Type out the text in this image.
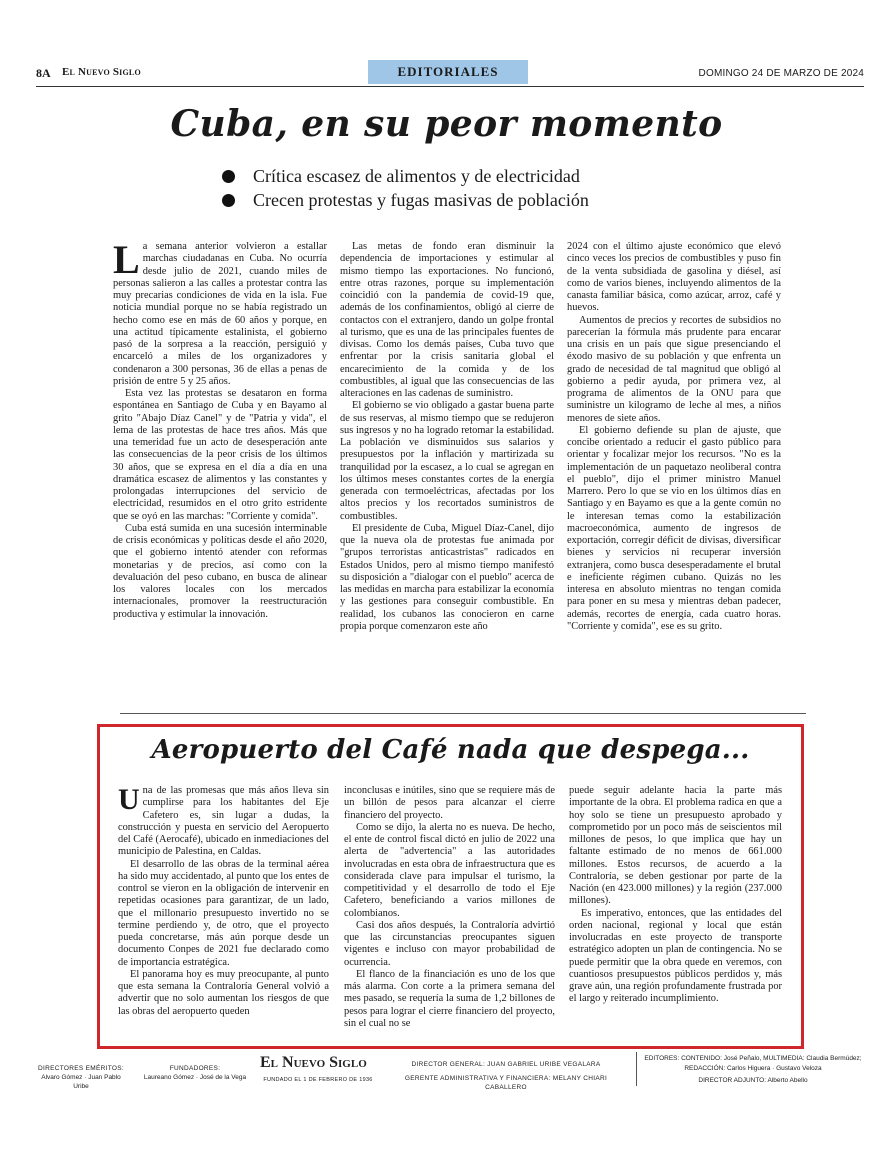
8A El Nuevo Siglo	EDITORIALES	DOMINGO 24 DE MARZO DE 2024
Cuba, en su peor momento
Crítica escasez de alimentos y de electricidad
Crecen protestas y fugas masivas de población

La semana anterior volvieron a estallar marchas ciudadanas en Cuba. No ocurría desde julio de 2021, cuando miles de personas salieron a las calles a protestar contra las muy precarias condiciones de vida en la isla. Fue noticia mundial porque no se había registrado un hecho como ese en más de 60 años y porque, en una actitud típicamente estalinista, el gobierno pasó de la sorpresa a la reacción, persiguió y encarceló a miles de los organizadores y condenaron a 300 personas, 36 de ellas a penas de prisión de entre 5 y 25 años.

Esta vez las protestas se desataron en forma espontánea en Santiago de Cuba y en Bayamo al grito "Abajo Díaz Canel" y de "Patria y vida", el lema de las protestas de hace tres años. Más que una temeridad fue un acto de desesperación ante las consecuencias de la peor crisis de los últimos 30 años, que se expresa en el día a día en una dramática escasez de alimentos y las constantes y prolongadas interrupciones del servicio de electricidad, resumidos en el otro grito estridente que se oyó en las marchas: "Corriente y comida".

Cuba está sumida en una sucesión interminable de crisis económicas y políticas desde el año 2020, que el gobierno intentó atender con reformas monetarias y de precios, así como con la devaluación del peso cubano, en busca de alinear los valores locales con los mercados internacionales, promover la reestructuración productiva y estimular la innovación.

Las metas de fondo eran disminuir la dependencia de importaciones y estimular al mismo tiempo las exportaciones. No funcionó, entre otras razones, porque su implementación coincidió con la pandemia de covid-19 que, además de los confinamientos, obligó al cierre de contactos con el extranjero, dando un golpe frontal al turismo, que es una de las principales fuentes de divisas. Como los demás países, Cuba tuvo que enfrentar por la crisis sanitaria global el encarecimiento de la comida y de los combustibles, al igual que las consecuencias de las alteraciones en las cadenas de suministro.

El gobierno se vio obligado a gastar buena parte de sus reservas, al mismo tiempo que se redujeron sus ingresos y no ha logrado retomar la estabilidad. La población ve disminuidos sus salarios y presupuestos por la inflación y martirizada su tranquilidad por la escasez, a lo cual se agregan en los últimos meses constantes cortes de la energía generada con termoeléctricas, afectadas por los altos precios y los recortados suministros de combustibles.

El presidente de Cuba, Miguel Díaz-Canel, dijo que la nueva ola de protestas fue animada por "grupos terroristas anticastristas" radicados en Estados Unidos, pero al mismo tiempo manifestó su disposición a "dialogar con el pueblo" acerca de las medidas en marcha para estabilizar la economía y las gestiones para conseguir combustible. En realidad, los cubanos las conocieron en carne propia porque comenzaron este año

2024 con el último ajuste económico que elevó cinco veces los precios de combustibles y puso fin de la venta subsidiada de gasolina y diésel, así como de varios bienes, incluyendo alimentos de la canasta familiar básica, como azúcar, arroz, café y huevos.

Aumentos de precios y recortes de subsidios no parecerían la fórmula más prudente para encarar una crisis en un país que sigue presenciando el éxodo masivo de su población y que enfrenta un grado de necesidad de tal magnitud que obligó al gobierno a pedir ayuda, por primera vez, al programa de alimentos de la ONU para que suministre un kilogramo de leche al mes, a niños menores de siete años.

El gobierno defiende su plan de ajuste, que concibe orientado a reducir el gasto público para orientar y focalizar mejor los recursos. "No es la implementación de un paquetazo neoliberal contra el pueblo", dijo el primer ministro Manuel Marrero. Pero lo que se vio en los últimos días en Santiago y en Bayamo es que a la gente común no le interesan temas como la estabilización macroeconómica, aumento de ingresos de exportación, corregir déficit de divisas, diversificar bienes y servicios ni recuperar inversión extranjera, como busca desesperadamente el brutal e ineficiente régimen cubano. Quizás no les interesa en absoluto mientras no tengan comida para poner en su mesa y mientras deban padecer, además, recortes de energía, cada cuatro horas. "Corriente y comida", ese es su grito.

Aeropuerto del Café nada que despega...

Una de las promesas que más años lleva sin cumplirse para los habitantes del Eje Cafetero es, sin lugar a dudas, la construcción y puesta en servicio del Aeropuerto del Café (Aerocafé), ubicado en inmediaciones del municipio de Palestina, en Caldas.

El desarrollo de las obras de la terminal aérea ha sido muy accidentado, al punto que los entes de control se vieron en la obligación de intervenir en repetidas ocasiones para garantizar, de un lado, que el millonario presupuesto invertido no se termine perdiendo y, de otro, que el proyecto pueda concretarse, más aún porque desde un documento Conpes de 2021 fue declarado como de importancia estratégica.

El panorama hoy es muy preocupante, al punto que esta semana la Contraloría General volvió a advertir que no solo aumentan los riesgos de que las obras del aeropuerto queden

inconclusas e inútiles, sino que se requiere más de un billón de pesos para alcanzar el cierre financiero del proyecto.

Como se dijo, la alerta no es nueva. De hecho, el ente de control fiscal dictó en julio de 2022 una alerta de "advertencia" a las autoridades involucradas en esta obra de infraestructura que es considerada clave para impulsar el turismo, la competitividad y el desarrollo de todo el Eje Cafetero, beneficiando a varios millones de colombianos.

Casi dos años después, la Contraloría advirtió que las circunstancias preocupantes siguen vigentes e incluso con mayor probabilidad de ocurrencia.

El flanco de la financiación es uno de los que más alarma. Con corte a la primera semana del mes pasado, se requería la suma de 1,2 billones de pesos para lograr el cierre financiero del proyecto, sin el cual no se

puede seguir adelante hacia la parte más importante de la obra. El problema radica en que a hoy solo se tiene un presupuesto aprobado y comprometido por un poco más de seiscientos mil millones de pesos, lo que implica que hay un faltante estimado de no menos de 661.000 millones. Estos recursos, de acuerdo a la Contraloría, se deben gestionar por parte de la Nación (en 423.000 millones) y la región (237.000 millones).

Es imperativo, entonces, que las entidades del orden nacional, regional y local que están involucradas en este proyecto de transporte estratégico adopten un plan de contingencia. No se puede permitir que la obra quede en veremos, con cuantiosos presupuestos públicos perdidos y, más grave aún, una región profundamente frustrada por el largo y reiterado incumplimiento.

DIRECTORES EMÉRITOS:
Alvaro Gómez · Juan Pablo Uribe
FUNDADORES:
Laureano Gómez · José de la Vega
El Nuevo Siglo
FUNDADO EL 1 DE FEBRERO DE 1936
DIRECTOR GENERAL: JUAN GABRIEL URIBE VEGALARA
GERENTE ADMINISTRATIVA Y FINANCIERA: MELANY CHIARI CABALLERO
EDITORES: CONTENIDO: José Peñalo, MULTIMEDIA: Claudia Bermúdez;
REDACCIÓN: Carlos Higuera · Gustavo Veloza
DIRECTOR ADJUNTO: Alberto Abello
